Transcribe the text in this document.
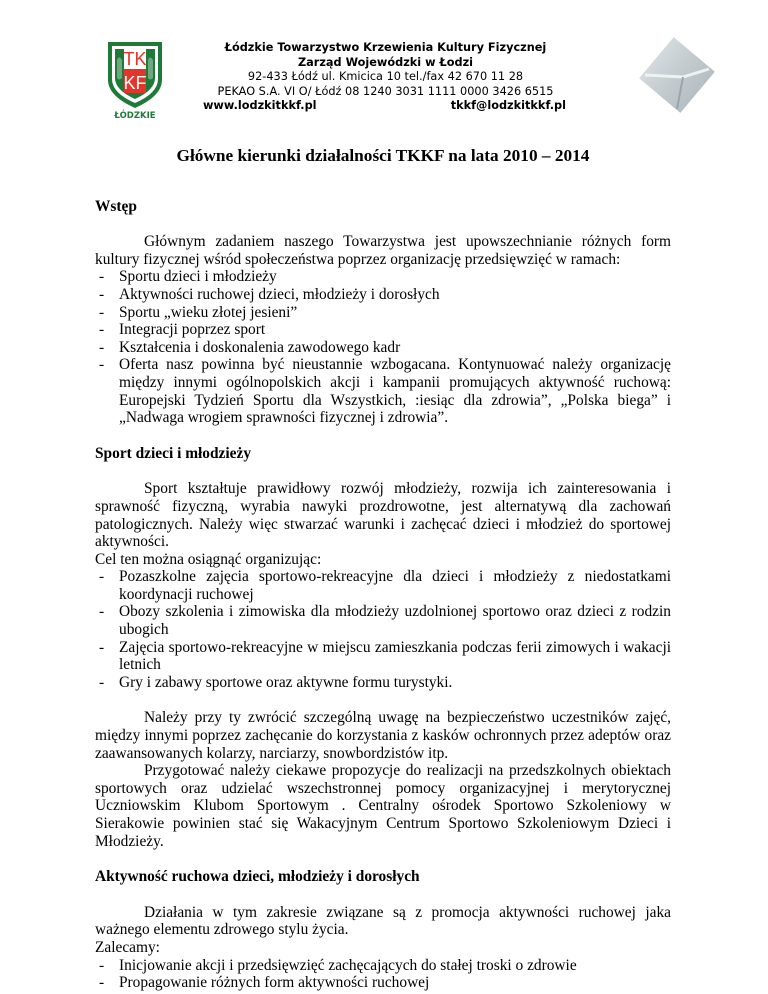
TK
KF
ŁÓDZKIE
Łódzkie Towarzystwo Krzewienia Kultury Fizycznej
Zarząd Wojewódzki w Łodzi
92-433 Łódź ul. Kmicica 10 tel./fax 42 670 11 28
PEKAO S.A. VI O/ Łódź 08 1240 3031 1111 0000 3426 6515
www.lodzkitkkf.pl	tkkf@lodzkitkkf.pl
Główne kierunki działalności TKKF na lata 2010 – 2014
Wstęp

Głównym zadaniem naszego Towarzystwa jest upowszechnianie różnych form kultury fizycznej wśród społeczeństwa poprzez organizację przedsięwzięć w ramach:

- Sportu dzieci i młodzieży
- Aktywności ruchowej dzieci, młodzieży i dorosłych
- Sportu „wieku złotej jesieni”
- Integracji poprzez sport
- Kształcenia i doskonalenia zawodowego kadr
- Oferta nasz powinna być nieustannie wzbogacana. Kontynuować należy organizację między innymi ogólnopolskich akcji i kampanii promujących aktywność ruchową: Europejski Tydzień Sportu dla Wszystkich, :iesiąc dla zdrowia”, „Polska biega” i „Nadwaga wrogiem sprawności fizycznej i zdrowia”.
Sport dzieci i młodzieży

Sport kształtuje prawidłowy rozwój młodzieży, rozwija ich zainteresowania i sprawność fizyczną, wyrabia nawyki prozdrowotne, jest alternatywą dla zachowań patologicznych. Należy więc stwarzać warunki i zachęcać dzieci i młodzież do sportowej aktywności.

Cel ten można osiągnąć organizując:

- Pozaszkolne zajęcia sportowo-rekreacyjne dla dzieci i młodzieży z niedostatkami koordynacji ruchowej
- Obozy szkolenia i zimowiska dla młodzieży uzdolnionej sportowo oraz dzieci z rodzin ubogich
- Zajęcia sportowo-rekreacyjne w miejscu zamieszkania podczas ferii zimowych i wakacji letnich
- Gry i zabawy sportowe oraz aktywne formu turystyki.

Należy przy ty zwrócić szczególną uwagę na bezpieczeństwo uczestników zajęć, między innymi poprzez zachęcanie do korzystania z kasków ochronnych przez adeptów oraz zaawansowanych kolarzy, narciarzy, snowbordzistów itp.

Przygotować należy ciekawe propozycje do realizacji na przedszkolnych obiektach sportowych oraz udzielać wszechstronnej pomocy organizacyjnej i merytorycznej Uczniowskim Klubom Sportowym . Centralny ośrodek Sportowo Szkoleniowy w Sierakowie powinien stać się Wakacyjnym Centrum Sportowo Szkoleniowym Dzieci i Młodzieży.

Aktywność ruchowa dzieci, młodzieży i dorosłych

Działania w tym zakresie związane są z promocja aktywności ruchowej jaka ważnego elementu zdrowego stylu życia.

Zalecamy:

- Inicjowanie akcji i przedsięwzięć zachęcających do stałej troski o zdrowie
- Propagowanie różnych form aktywności ruchowej
